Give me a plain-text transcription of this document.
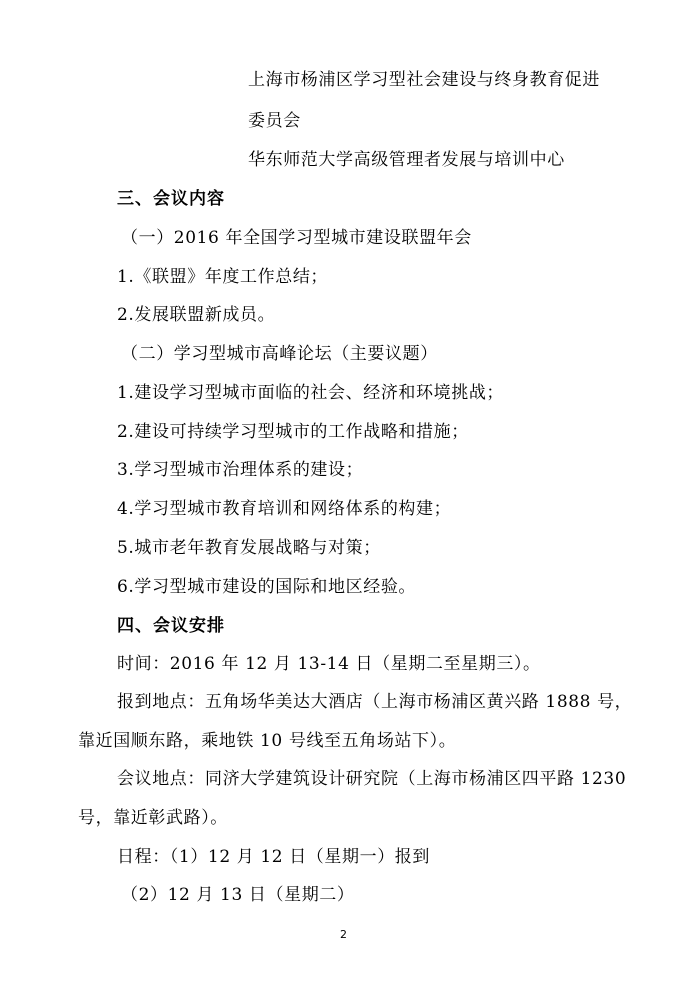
上海市杨浦区学习型社会建设与终身教育促进
委员会
华东师范大学高级管理者发展与培训中心
三、会议内容
（一）2016 年全国学习型城市建设联盟年会
1.《联盟》年度工作总结；
2.发展联盟新成员。
（二）学习型城市高峰论坛（主要议题）
1.建设学习型城市面临的社会、经济和环境挑战；
2.建设可持续学习型城市的工作战略和措施；
3.学习型城市治理体系的建设；
4.学习型城市教育培训和网络体系的构建；
5.城市老年教育发展战略与对策；
6.学习型城市建设的国际和地区经验。
四、会议安排
时间：2016 年 12 月 13-14 日（星期二至星期三）。
报到地点：五角场华美达大酒店（上海市杨浦区黄兴路 1888 号，
靠近国顺东路，乘地铁 10 号线至五角场站下）。
会议地点：同济大学建筑设计研究院（上海市杨浦区四平路 1230
号，靠近彰武路）。
日程：（1）12 月 12 日（星期一）报到
（2）12 月 13 日（星期二）
2
